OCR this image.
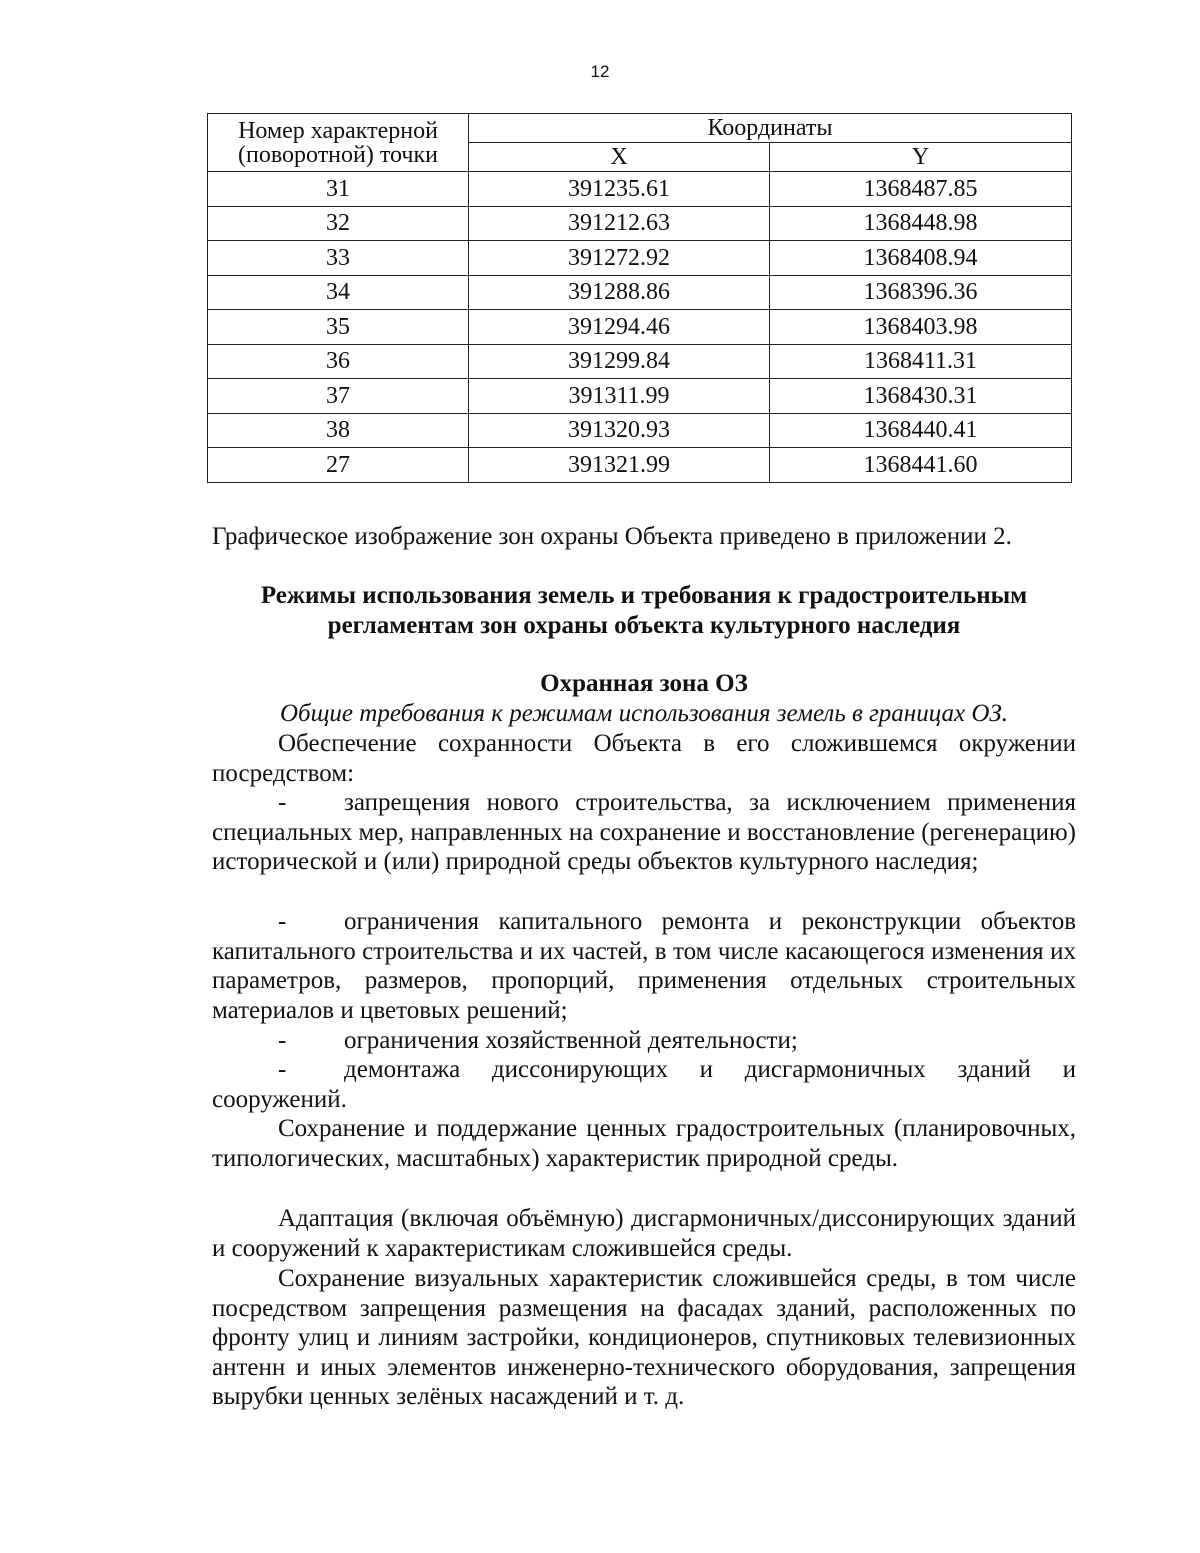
12
Номер характерной (поворотной) точки	Координаты	
	X	Y
31	391235.61	1368487.85
32	391212.63	1368448.98
33	391272.92	1368408.94
34	391288.86	1368396.36
35	391294.46	1368403.98
36	391299.84	1368411.31
37	391311.99	1368430.31
38	391320.93	1368440.41
27	391321.99	1368441.60

Графическое изображение зон охраны Объекта приведено в приложении 2.

Режимы использования земель и требования к градостроительным

регламентам зон охраны объекта культурного наследия

Охранная зона ОЗ

Общие требования к режимам использования земель в границах ОЗ.

Обеспечение сохранности Объекта в его сложившемся окружении посредством:

- запрещения нового строительства, за исключением применения специальных мер, направленных на сохранение и восстановление (регенерацию) исторической и (или) природной среды объектов культурного наследия;

- ограничения капитального ремонта и реконструкции объектов капитального строительства и их частей, в том числе касающегося изменения их параметров, размеров, пропорций, применения отдельных строительных материалов и цветовых решений;

- ограничения хозяйственной деятельности;

- демонтажа диссонирующих и дисгармоничных зданий и сооружений.

Сохранение и поддержание ценных градостроительных (планировочных, типологических, масштабных) характеристик природной среды.

Адаптация (включая объёмную) дисгармоничных/диссонирующих зданий и сооружений к характеристикам сложившейся среды.

Сохранение визуальных характеристик сложившейся среды, в том числе посредством запрещения размещения на фасадах зданий, расположенных по фронту улиц и линиям застройки, кондиционеров, спутниковых телевизионных антенн и иных элементов инженерно-технического оборудования, запрещения вырубки ценных зелёных насаждений и т. д.
